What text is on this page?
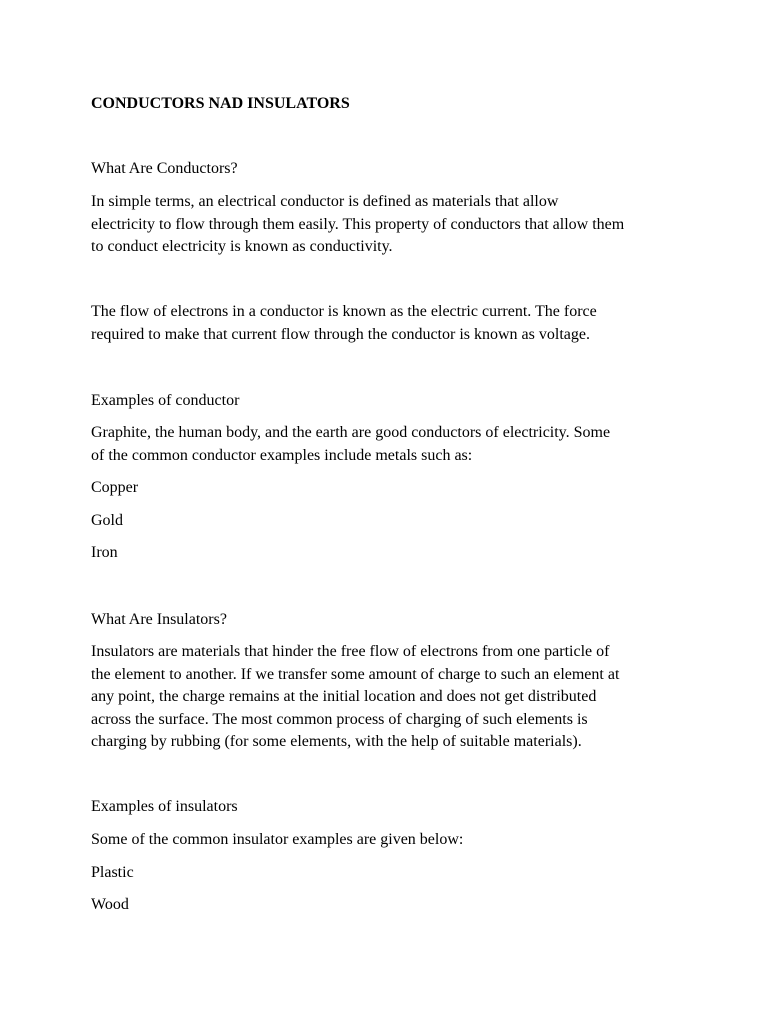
CONDUCTORS NAD INSULATORS

What Are Conductors?

In simple terms, an electrical conductor is defined as materials that allow
electricity to flow through them easily. This property of conductors that allow them
to conduct electricity is known as conductivity.
The flow of electrons in a conductor is known as the electric current. The force
required to make that current flow through the conductor is known as voltage.

Examples of conductor

Graphite, the human body, and the earth are good conductors of electricity. Some
of the common conductor examples include metals such as:

Copper

Gold

Iron

What Are Insulators?

Insulators are materials that hinder the free flow of electrons from one particle of
the element to another. If we transfer some amount of charge to such an element at
any point, the charge remains at the initial location and does not get distributed
across the surface. The most common process of charging of such elements is
charging by rubbing (for some elements, with the help of suitable materials).

Examples of insulators

Some of the common insulator examples are given below:

Plastic

Wood
